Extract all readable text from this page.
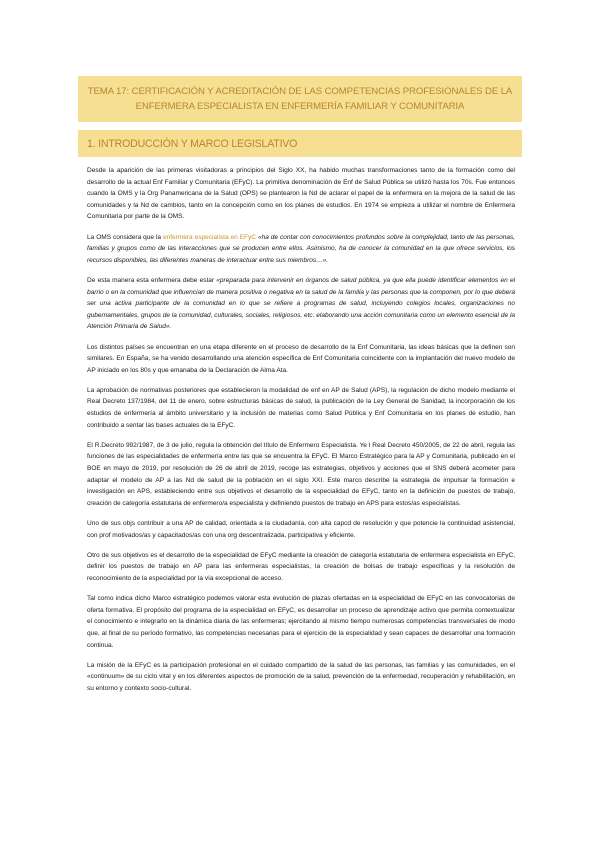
TEMA 17: CERTIFICACIÓN Y ACREDITACIÓN DE LAS COMPETENCIAS PROFESIONALES DE LA ENFERMERA ESPECIALISTA EN ENFERMERÍA FAMILIAR Y COMUNITARIA
1. INTRODUCCIÓN Y MARCO LEGISLATIVO

Desde la aparición de las primeras visitadoras a principios del Siglo XX, ha habido muchas transformaciones tanto de la formación como del desarrollo de la actual Enf Familiar y Comunitaria (EFyC). La primitiva denominación de Enf de Salud Pública se utilizó hasta los 70s. Fue entonces cuando la OMS y la Org Panamericana de la Salud (OPS) se plantearon la Nd de aclarar el papel de la enfermera en la mejora de la salud de las comunidades y la Nd de cambios, tanto en la concepción como en los planes de estudios. En 1974 se empieza a utilizar el nombre de Enfermera Comunitaria por parte de la OMS.

La OMS considera que la enfermera especialista en EFyC «ha de contar con conocimientos profundos sobre la complejidad, tanto de las personas, familias y grupos como de las interacciones que se producen entre ellos. Asimismo, ha de conocer la comunidad en la que ofrece servicios, los recursos disponibles, las diferentes maneras de interactuar entre sus miembros…».

De esta manera esta enfermera debe estar «preparada para intervenir en órganos de salud pública, ya que ella puede identificar elementos en el barrio o en la comunidad que influencian de manera positiva o negativa en la salud de la familia y las personas que la componen, por lo que deberá ser una activa participante de la comunidad en lo que se refiere a programas de salud, incluyendo colegios locales, organizaciones no gubernamentales, grupos de la comunidad, culturales, sociales, religiosos, etc. elaborando una acción comunitaria como un elemento esencial de la Atención Primaria de Salud».

Los distintos países se encuentran en una etapa diferente en el proceso de desarrollo de la Enf Comunitaria, las ideas básicas que la definen son similares. En España, se ha venido desarrollando una atención específica de Enf Comunitaria coincidente con la implantación del nuevo modelo de AP iniciado en los 80s y que emanaba de la Declaración de Alma Ata.

La aprobación de normativas posteriores que establecieron la modalidad de enf en AP de Salud (APS), la regulación de dicho modelo mediante el Real Decreto 137/1984, del 11 de enero, sobre estructuras básicas de salud, la publicación de la Ley General de Sanidad, la incorporación de los estudios de enfermería al ámbito universitario y la inclusión de materias como Salud Pública y Enf Comunitaria en los planes de estudio, han contribuido a sentar las bases actuales de la EFyC.

El R.Decreto 992/1987, de 3 de julio, regula la obtención del título de Enfermero Especialista. Ye l Real Decreto 450/2005, de 22 de abril, regula las funciones de las especialidades de enfermería entre las que se encuentra la EFyC. El Marco Estratégico para la AP y Comunitaria, publicado en el BOE en mayo de 2019, por resolución de 26 de abril de 2019, recoge las estrategias, objetivos y acciones que el SNS deberá acometer para adaptar el modelo de AP a las Nd de salud de la población en el siglo XXI. Este marco describe la estrategia de impulsar la formación e investigación en APS, estableciendo entre sus objetivos el desarrollo de la especialidad de EFyC, tanto en la definición de puestos de trabajo, creación de categoría estatutaria de enfermero/a especialista y definiendo puestos de trabajo en APS para estos/as especialistas.

Uno de sus objs contribuir a una AP de calidad, orientada a la ciudadanía, con alta capcd de resolución y que potencie la continuidad asistencial, con prof motivados/as y capacitados/as con una org descentralizada, participativa y eficiente.

Otro de sus objetivos es el desarrollo de la especialidad de EFyC mediante la creación de categoría estatutaria de enfermera especialista en EFyC, definir los puestos de trabajo en AP para las enfermeras especialistas, la creación de bolsas de trabajo específicas y la resolución de reconocimiento de la especialidad por la vía excepcional de acceso.

Tal como indica dicho Marco estratégico podemos valorar esta evolución de plazas ofertadas en la especialidad de EFyC en las convocatorias de oferta formativa. El propósito del programa de la especialidad en EFyC, es desarrollar un proceso de aprendizaje activo que permita contextualizar el conocimiento e integrarlo en la dinámica diaria de las enfermeras; ejercitando al mismo tiempo numerosas competencias transversales de modo que, al final de su período formativo, las competencias necesarias para el ejercicio de la especialidad y sean capaces de desarrollar una formación continua.

La misión de la EFyC es la participación profesional en el cuidado compartido de la salud de las personas, las familias y las comunidades, en el «continuum» de su ciclo vital y en los diferentes aspectos de promoción de la salud, prevención de la enfermedad, recuperación y rehabilitación, en su entorno y contexto socio-cultural.
